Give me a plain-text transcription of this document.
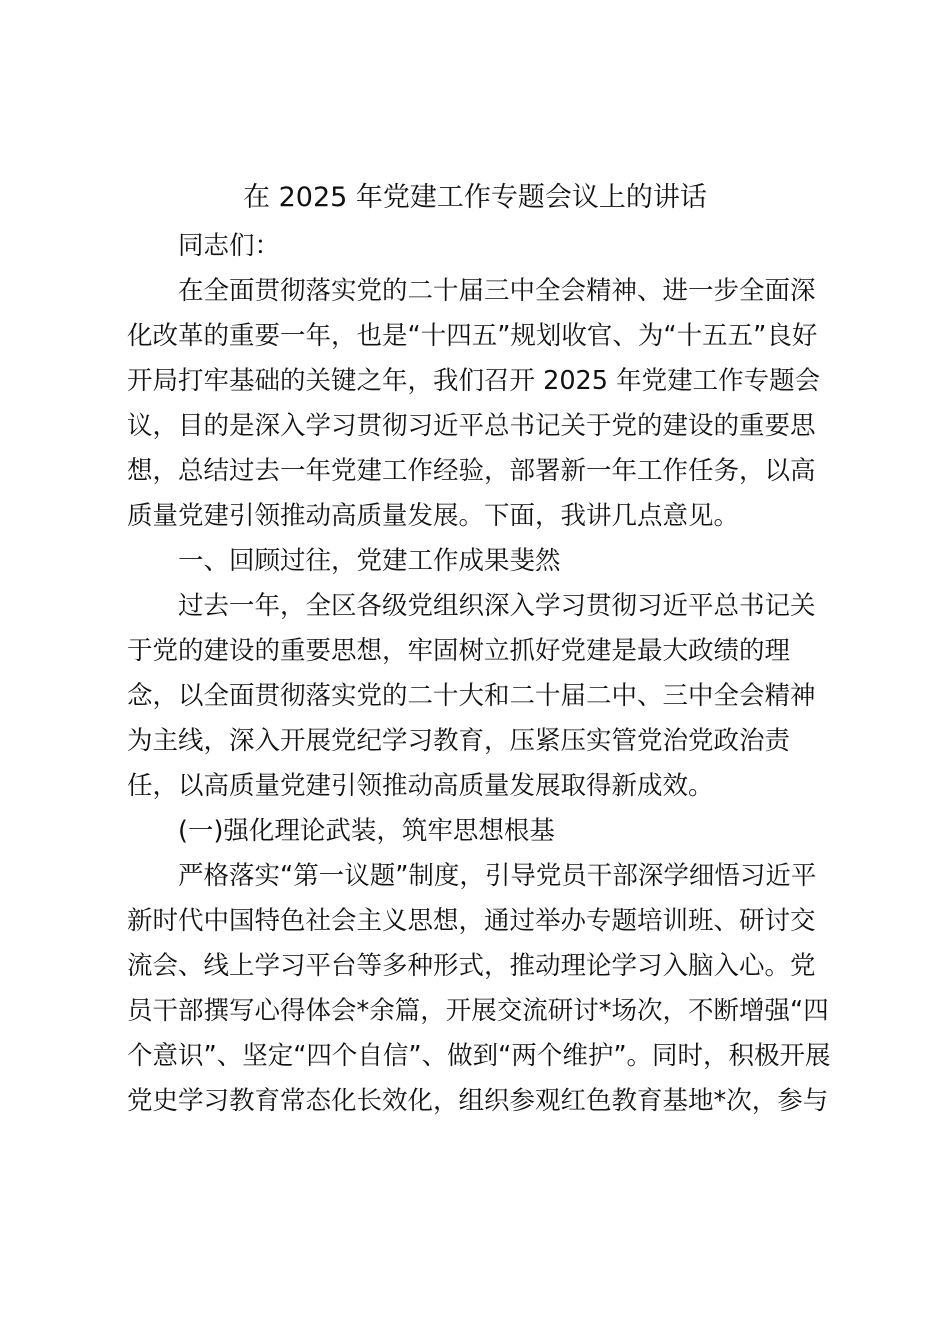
在 2025 年党建工作专题会议上的讲话
同志们：
在全面贯彻落实党的二十届三中全会精神、进一步全面深
化改革的重要一年，也是“十四五”规划收官、为“十五五”良好
开局打牢基础的关键之年，我们召开 2025 年党建工作专题会
议，目的是深入学习贯彻习近平总书记关于党的建设的重要思
想，总结过去一年党建工作经验，部署新一年工作任务，以高
质量党建引领推动高质量发展。下面，我讲几点意见。
一、回顾过往，党建工作成果斐然
过去一年，全区各级党组织深入学习贯彻习近平总书记关
于党的建设的重要思想，牢固树立抓好党建是最大政绩的理
念，以全面贯彻落实党的二十大和二十届二中、三中全会精神
为主线，深入开展党纪学习教育，压紧压实管党治党政治责
任，以高质量党建引领推动高质量发展取得新成效。
(一)强化理论武装，筑牢思想根基
严格落实“第一议题”制度，引导党员干部深学细悟习近平
新时代中国特色社会主义思想，通过举办专题培训班、研讨交
流会、线上学习平台等多种形式，推动理论学习入脑入心。党
员干部撰写心得体会*余篇，开展交流研讨*场次，不断增强“四
个意识”、坚定“四个自信”、做到“两个维护”。同时，积极开展
党史学习教育常态化长效化，组织参观红色教育基地*次，参与
